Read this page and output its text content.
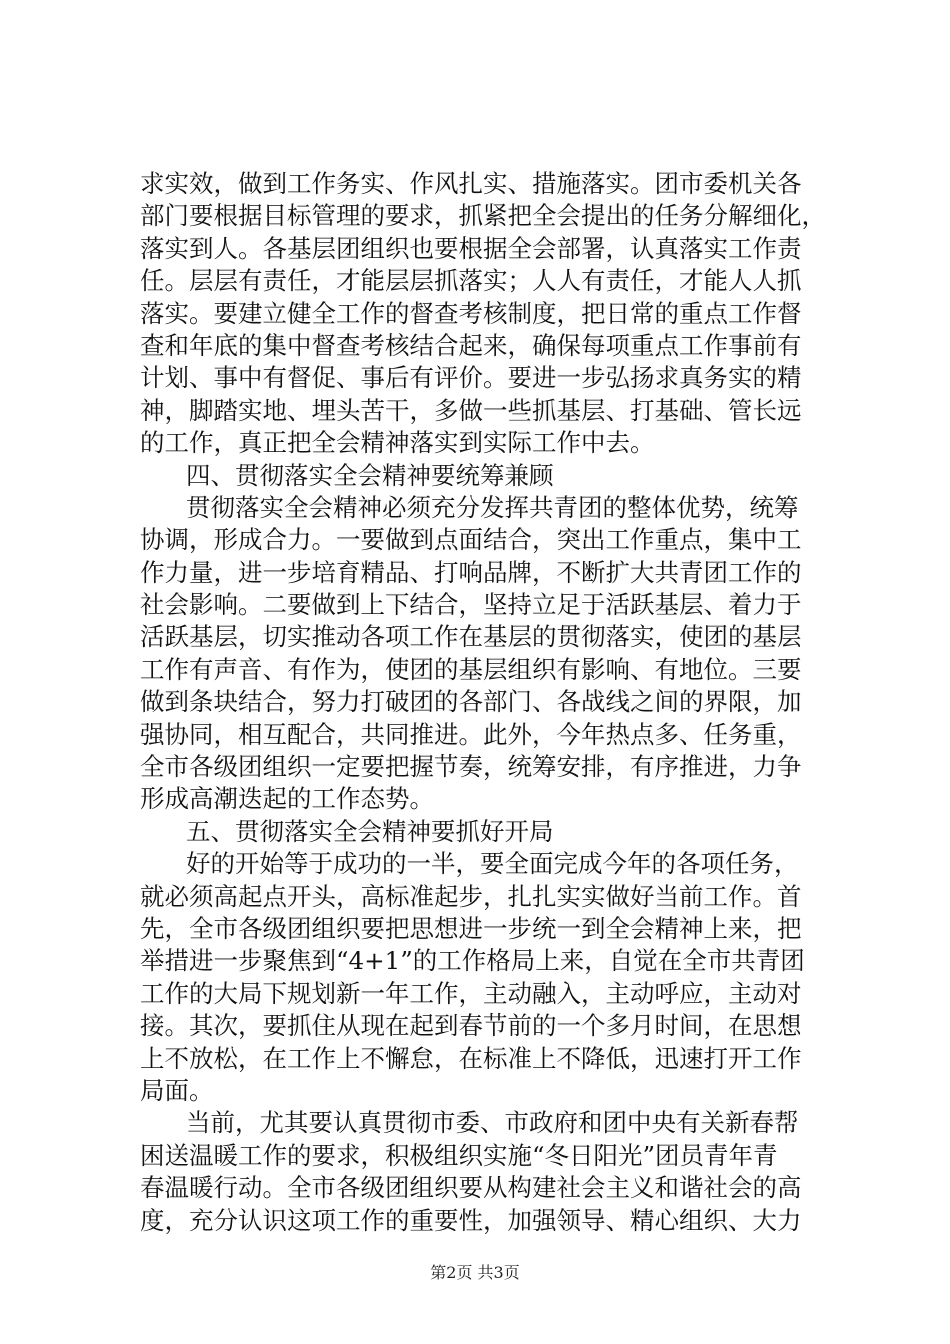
求实效，做到工作务实、作风扎实、措施落实。团市委机关各
部门要根据目标管理的要求，抓紧把全会提出的任务分解细化，
落实到人。各基层团组织也要根据全会部署，认真落实工作责
任。层层有责任，才能层层抓落实；人人有责任，才能人人抓
落实。要建立健全工作的督查考核制度，把日常的重点工作督
查和年底的集中督查考核结合起来，确保每项重点工作事前有
计划、事中有督促、事后有评价。要进一步弘扬求真务实的精
神，脚踏实地、埋头苦干，多做一些抓基层、打基础、管长远
的工作，真正把全会精神落实到实际工作中去。
四、贯彻落实全会精神要统筹兼顾
贯彻落实全会精神必须充分发挥共青团的整体优势，统筹
协调，形成合力。一要做到点面结合，突出工作重点，集中工
作力量，进一步培育精品、打响品牌，不断扩大共青团工作的
社会影响。二要做到上下结合，坚持立足于活跃基层、着力于
活跃基层，切实推动各项工作在基层的贯彻落实，使团的基层
工作有声音、有作为，使团的基层组织有影响、有地位。三要
做到条块结合，努力打破团的各部门、各战线之间的界限，加
强协同，相互配合，共同推进。此外，今年热点多、任务重，
全市各级团组织一定要把握节奏，统筹安排，有序推进，力争
形成高潮迭起的工作态势。
五、贯彻落实全会精神要抓好开局
好的开始等于成功的一半，要全面完成今年的各项任务，
就必须高起点开头，高标准起步，扎扎实实做好当前工作。首
先，全市各级团组织要把思想进一步统一到全会精神上来，把
举措进一步聚焦到“4+1”的工作格局上来，自觉在全市共青团
工作的大局下规划新一年工作，主动融入，主动呼应，主动对
接。其次，要抓住从现在起到春节前的一个多月时间，在思想
上不放松，在工作上不懈怠，在标准上不降低，迅速打开工作
局面。
当前，尤其要认真贯彻市委、市政府和团中央有关新春帮
困送温暖工作的要求，积极组织实施“冬日阳光”团员青年青
春温暖行动。全市各级团组织要从构建社会主义和谐社会的高
度，充分认识这项工作的重要性，加强领导、精心组织、大力
第2页 共3页
